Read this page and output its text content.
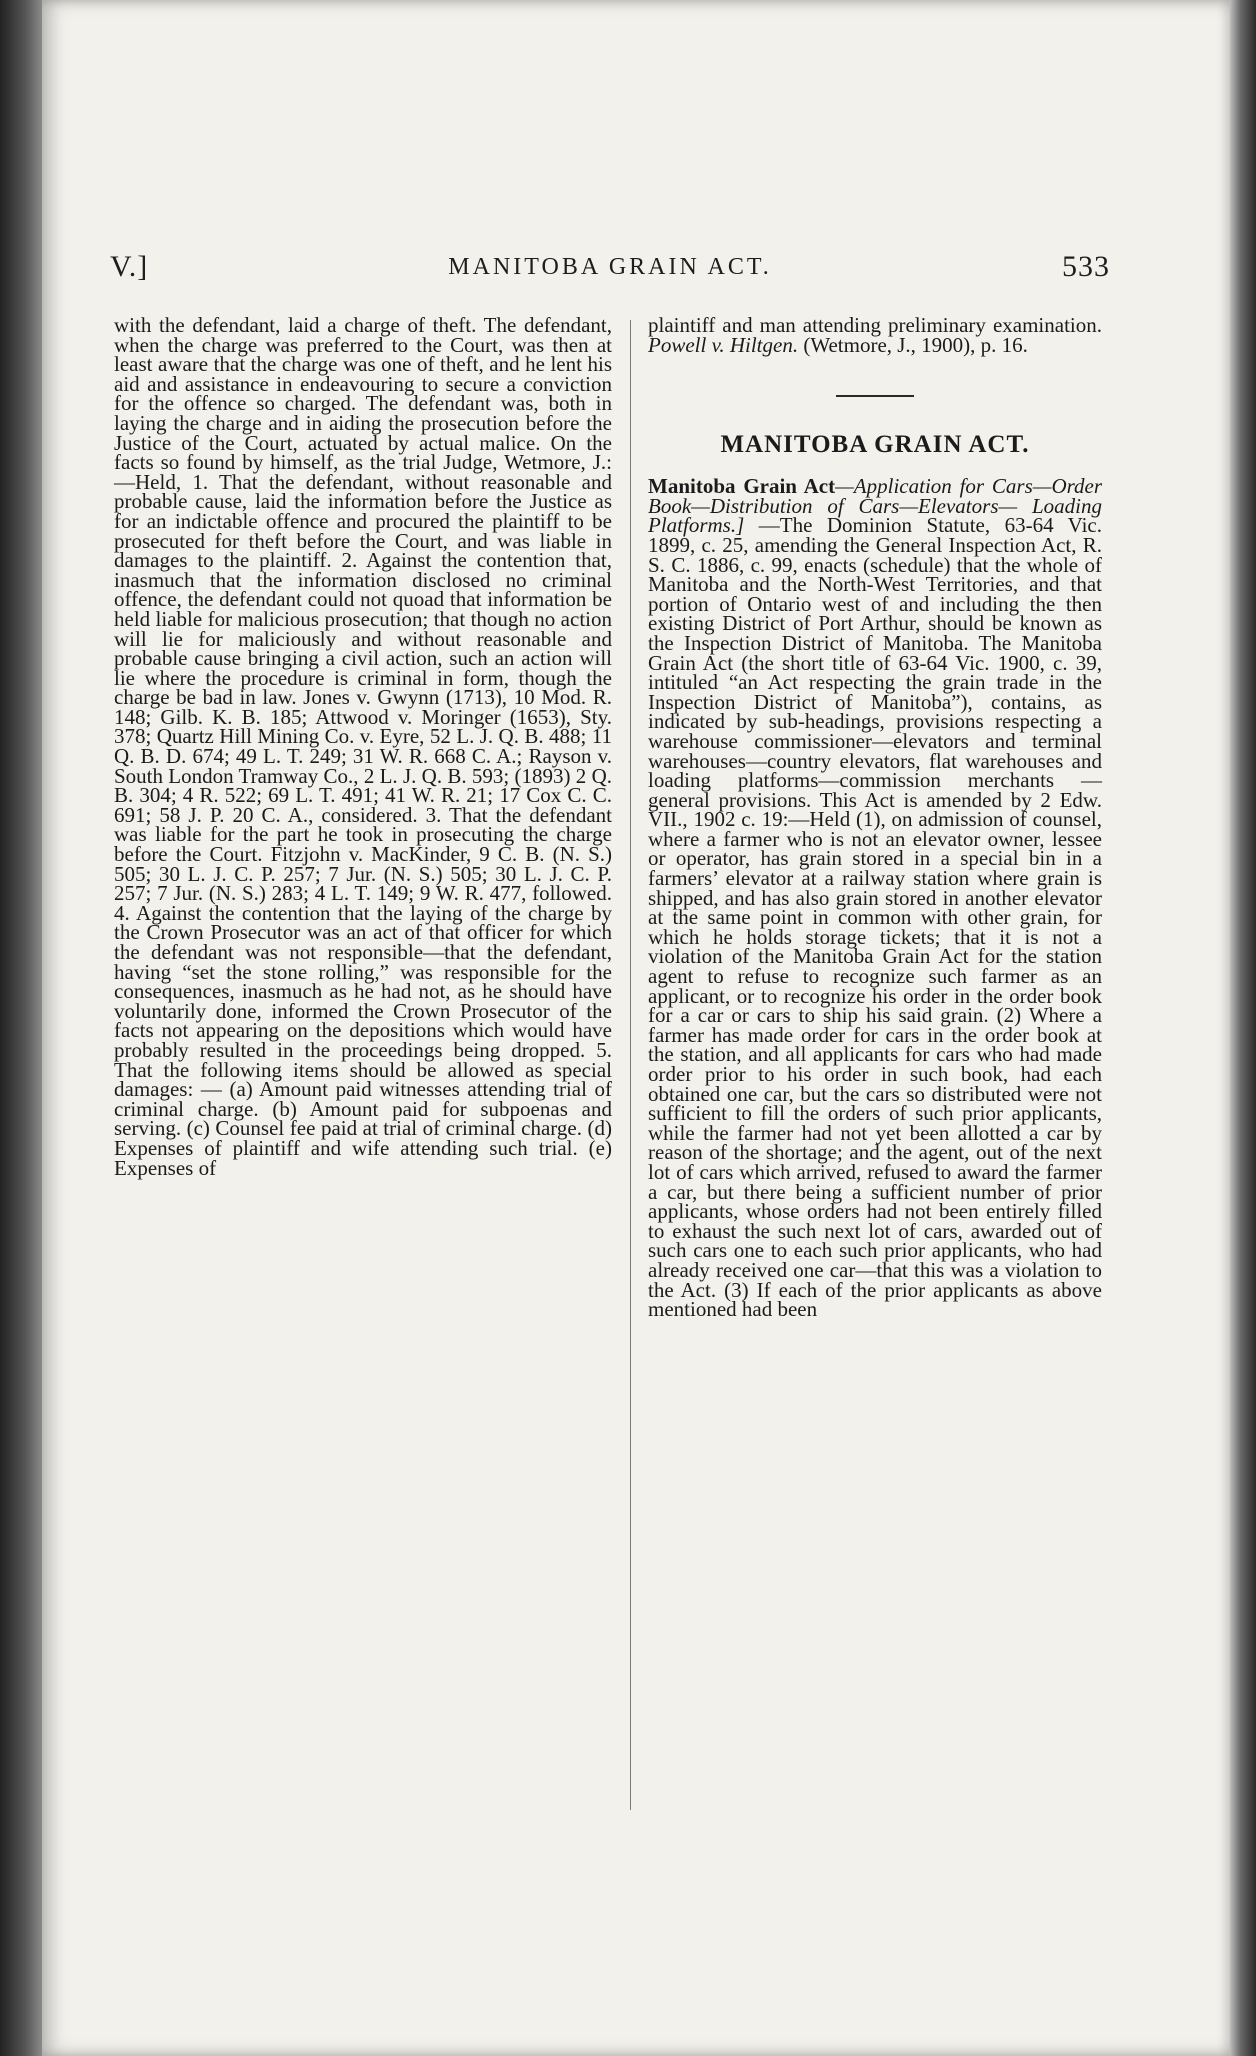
V.]	MANITOBA GRAIN ACT.	533

with the defendant, laid a charge of theft. The defendant, when the charge was preferred to the Court, was then at least aware that the charge was one of theft, and he lent his aid and assistance in endeavouring to secure a conviction for the offence so charged. The defendant was, both in laying the charge and in aiding the prosecution before the Justice of the Court, actuated by actual malice. On the facts so found by himself, as the trial Judge, Wetmore, J.:—Held, 1. That the defendant, without reasonable and probable cause, laid the information before the Justice as for an indictable offence and procured the plaintiff to be prosecuted for theft before the Court, and was liable in damages to the plaintiff. 2. Against the contention that, inasmuch that the information disclosed no criminal offence, the defendant could not quoad that information be held liable for malicious prosecution; that though no action will lie for maliciously and without reasonable and probable cause bringing a civil action, such an action will lie where the procedure is criminal in form, though the charge be bad in law. Jones v. Gwynn (1713), 10 Mod. R. 148; Gilb. K. B. 185; Attwood v. Moringer (1653), Sty. 378; Quartz Hill Mining Co. v. Eyre, 52 L. J. Q. B. 488; 11 Q. B. D. 674; 49 L. T. 249; 31 W. R. 668 C. A.; Rayson v. South London Tramway Co., 2 L. J. Q. B. 593; (1893) 2 Q. B. 304; 4 R. 522; 69 L. T. 491; 41 W. R. 21; 17 Cox C. C. 691; 58 J. P. 20 C. A., considered. 3. That the defendant was liable for the part he took in prosecuting the charge before the Court. Fitzjohn v. MacKinder, 9 C. B. (N. S.) 505; 30 L. J. C. P. 257; 7 Jur. (N. S.) 505; 30 L. J. C. P. 257; 7 Jur. (N. S.) 283; 4 L. T. 149; 9 W. R. 477, followed. 4. Against the contention that the laying of the charge by the Crown Prosecutor was an act of that officer for which the defendant was not responsible—that the defendant, having “set the stone rolling,” was responsible for the consequences, inasmuch as he had not, as he should have voluntarily done, informed the Crown Prosecutor of the facts not appearing on the depositions which would have probably resulted in the proceedings being dropped. 5. That the following items should be allowed as special damages: — (a) Amount paid witnesses attending trial of criminal charge. (b) Amount paid for subpoenas and serving. (c) Counsel fee paid at trial of criminal charge. (d) Expenses of plaintiff and wife attending such trial. (e) Expenses of

plaintiff and man attending preliminary examination. Powell v. Hiltgen. (Wetmore, J., 1900), p. 16.

MANITOBA GRAIN ACT.

Manitoba Grain Act—Application for Cars—Order Book—Distribution of Cars—Elevators— Loading Platforms.] —The Dominion Statute, 63-64 Vic. 1899, c. 25, amending the General Inspection Act, R. S. C. 1886, c. 99, enacts (schedule) that the whole of Manitoba and the North-West Territories, and that portion of Ontario west of and including the then existing District of Port Arthur, should be known as the Inspection District of Manitoba. The Manitoba Grain Act (the short title of 63-64 Vic. 1900, c. 39, intituled “an Act respecting the grain trade in the Inspection District of Manitoba”), contains, as indicated by sub-headings, provisions respecting a warehouse commissioner—elevators and terminal warehouses—country elevators, flat warehouses and loading platforms—commission merchants — general provisions. This Act is amended by 2 Edw. VII., 1902 c. 19:—Held (1), on admission of counsel, where a farmer who is not an elevator owner, lessee or operator, has grain stored in a special bin in a farmers’ elevator at a railway station where grain is shipped, and has also grain stored in another elevator at the same point in common with other grain, for which he holds storage tickets; that it is not a violation of the Manitoba Grain Act for the station agent to refuse to recognize such farmer as an applicant, or to recognize his order in the order book for a car or cars to ship his said grain. (2) Where a farmer has made order for cars in the order book at the station, and all applicants for cars who had made order prior to his order in such book, had each obtained one car, but the cars so distributed were not sufficient to fill the orders of such prior applicants, while the farmer had not yet been allotted a car by reason of the shortage; and the agent, out of the next lot of cars which arrived, refused to award the farmer a car, but there being a sufficient number of prior applicants, whose orders had not been entirely filled to exhaust the such next lot of cars, awarded out of such cars one to each such prior applicants, who had already received one car—that this was a violation to the Act. (3) If each of the prior applicants as above mentioned had been
